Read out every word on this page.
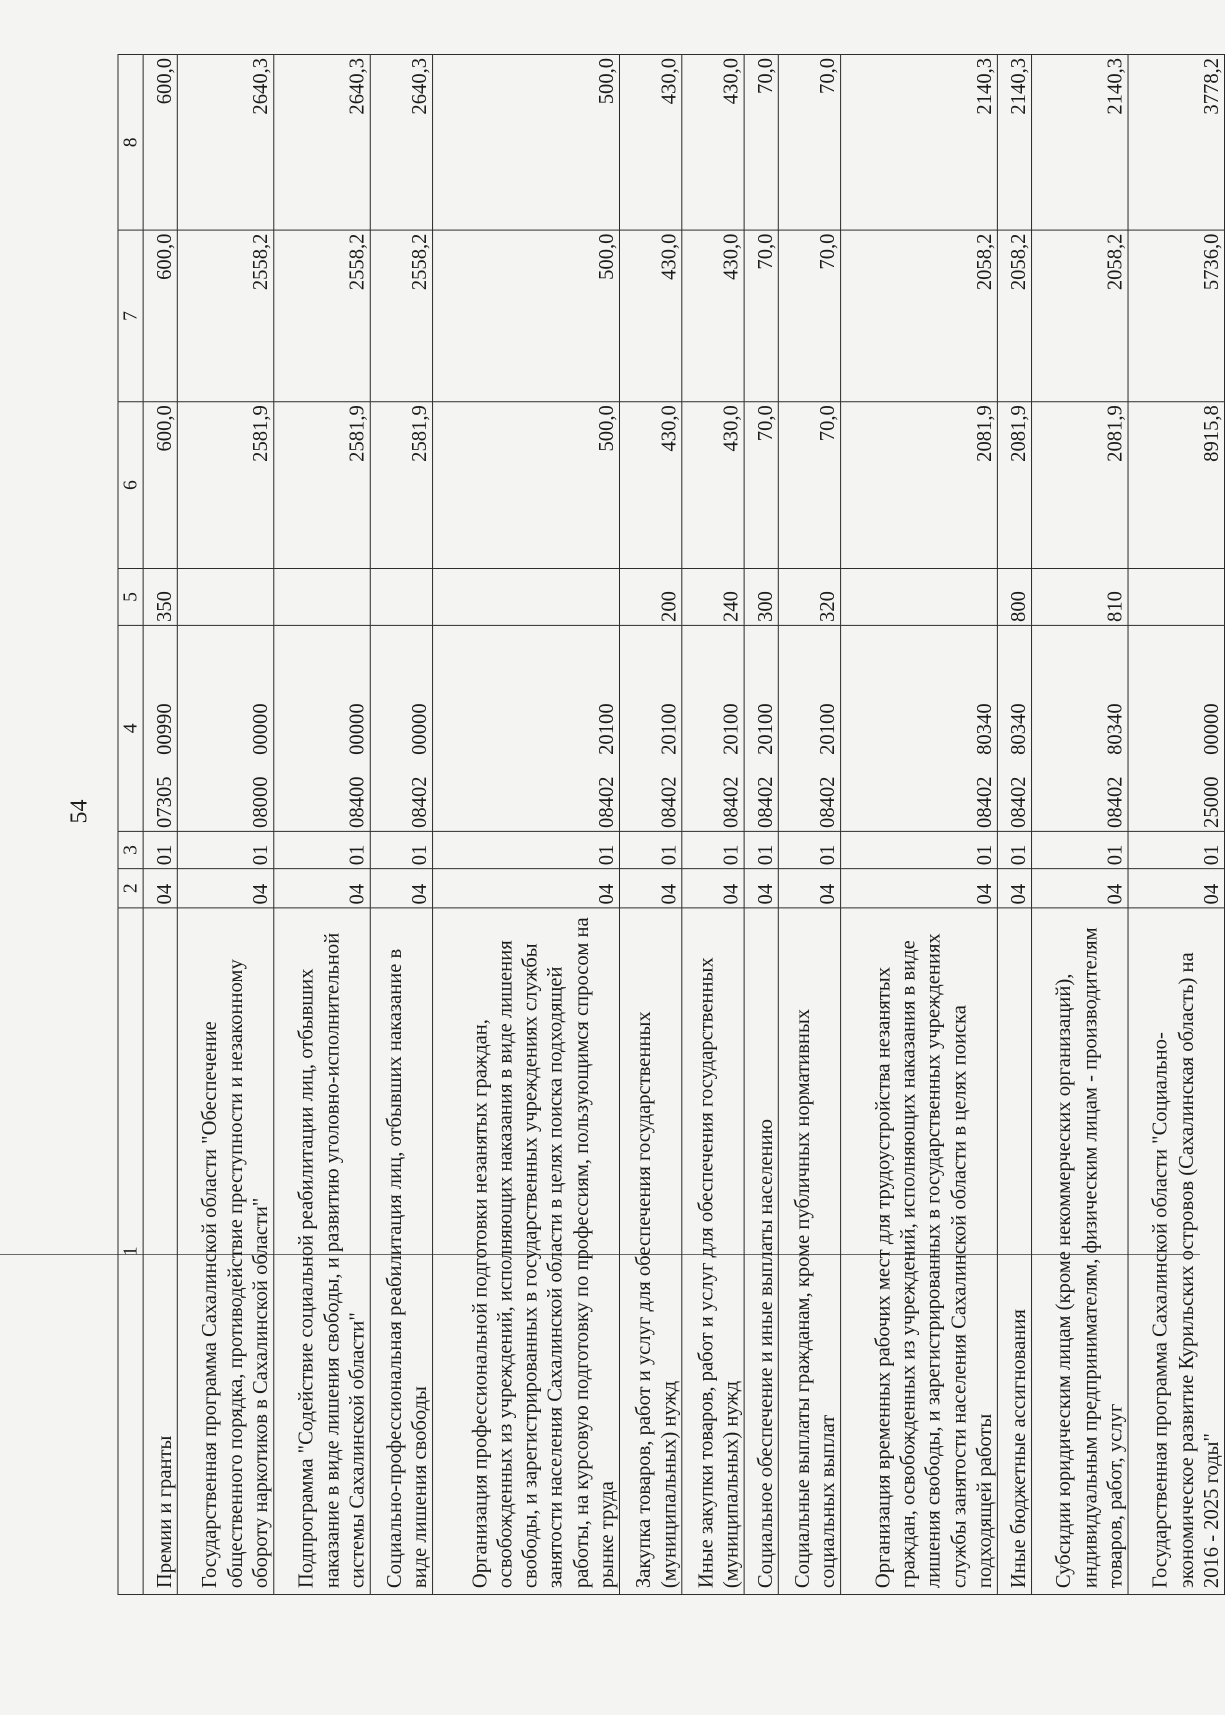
54
1	2	3	4	5	6	7	8
Премии и гранты	04	01	0730500990	350	600,0	600,0	600,0
Государственная программа Сахалинской области "Обеспечение общественного порядка, противодействие преступности и незаконному обороту наркотиков в Сахалинской области"	04	01	0800000000		2581,9	2558,2	2640,3
Подпрограмма "Содействие социальной реабилитации лиц, отбывших наказание в виде лишения свободы, и развитию уголовно-исполнительной системы Сахалинской области"	04	01	0840000000		2581,9	2558,2	2640,3
Социально-профессиональная реабилитация лиц, отбывших наказание в виде лишения свободы	04	01	0840200000		2581,9	2558,2	2640,3
Организация профессиональной подготовки незанятых граждан, освобожденных из учреждений, исполняющих наказания в виде лишения свободы, и зарегистрированных в государственных учреждениях службы занятости населения Сахалинской области в целях поиска подходящей работы, на курсовую подготовку по профессиям, пользующимся спросом на рынке труда	04	01	0840220100		500,0	500,0	500,0
Закупка товаров, работ и услуг для обеспечения государственных (муниципальных) нужд	04	01	0840220100	200	430,0	430,0	430,0
Иные закупки товаров, работ и услуг для обеспечения государственных (муниципальных) нужд	04	01	0840220100	240	430,0	430,0	430,0
Социальное обеспечение и иные выплаты населению	04	01	0840220100	300	70,0	70,0	70,0
Социальные выплаты гражданам, кроме публичных нормативных социальных выплат	04	01	0840220100	320	70,0	70,0	70,0
Организация временных рабочих мест для трудоустройства незанятых граждан, освобожденных из учреждений, исполняющих наказания в виде лишения свободы, и зарегистрированных в государственных учреждениях службы занятости населения Сахалинской области в целях поиска подходящей работы	04	01	0840280340		2081,9	2058,2	2140,3
Иные бюджетные ассигнования	04	01	0840280340	800	2081,9	2058,2	2140,3
Субсидии юридическим лицам (кроме некоммерческих организаций), индивидуальным предпринимателям, физическим лицам - производителям товаров, работ, услуг	04	01	0840280340	810	2081,9	2058,2	2140,3
Государственная программа Сахалинской области "Социально-экономическое развитие Курильских островов (Сахалинская область) на 2016 - 2025 годы"	04	01	2500000000		8915,8	5736,0	3778,2
